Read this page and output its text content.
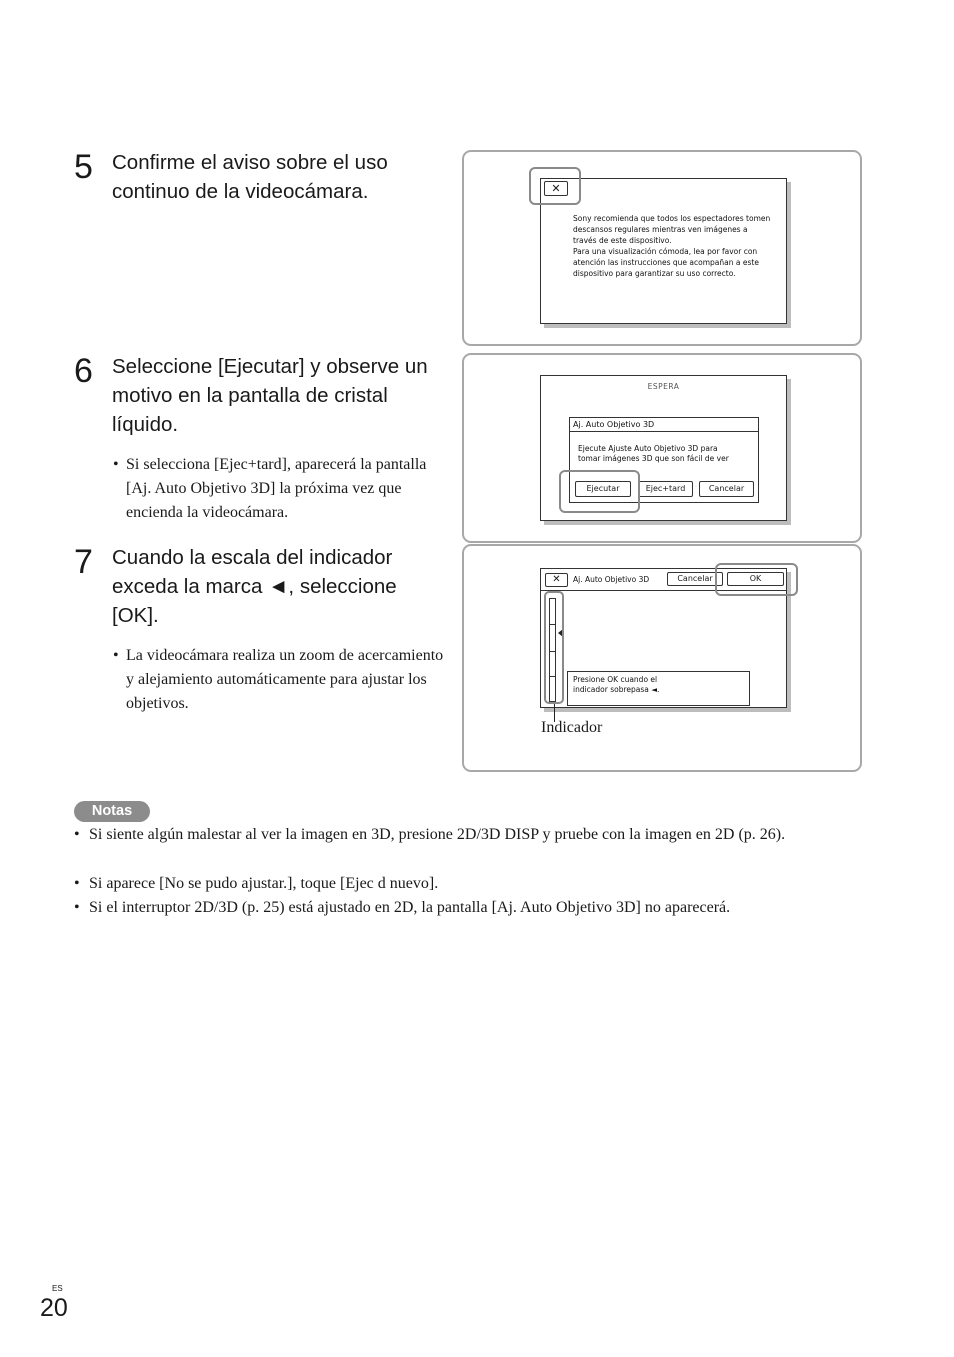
5 Confirme el aviso sobre el uso continuo de la videocámara.
6 Seleccione [Ejecutar] y observe un motivo en la pantalla de cristal líquido.
• Si selecciona [Ejec+tard], aparecerá la pantalla [Aj. Auto Objetivo 3D] la próxima vez que encienda la videocámara.
7 Cuando la escala del indicador exceda la marca ◄, seleccione [OK].
• La videocámara realiza un zoom de acercamiento y alejamiento automáticamente para ajustar los objetivos.
Sony recomienda que todos los espectadores tomen descansos regulares mientras ven imágenes a través de este dispositivo.
Para una visualización cómoda, lea por favor con atención las instrucciones que acompañan a este dispositivo para garantizar su uso correcto.
✕
ESPERA
Aj. Auto Objetivo 3D
Ejecute Ajuste Auto Objetivo 3D para tomar imágenes 3D que son fácil de ver
Ejecutar	Ejec+tard	Cancelar
✕	Aj. Auto Objetivo 3D	Cancelar	OK
Presione OK cuando el
indicador sobrepasa ◄.
Indicador
Notas
• Si siente algún malestar al ver la imagen en 3D, presione 2D/3D DISP y pruebe con la imagen en 2D (p. 26).
• Si aparece [No se pudo ajustar.], toque [Ejec d nuevo].
• Si el interruptor 2D/3D (p. 25) está ajustado en 2D, la pantalla [Aj. Auto Objetivo 3D] no aparecerá.
ES
20
